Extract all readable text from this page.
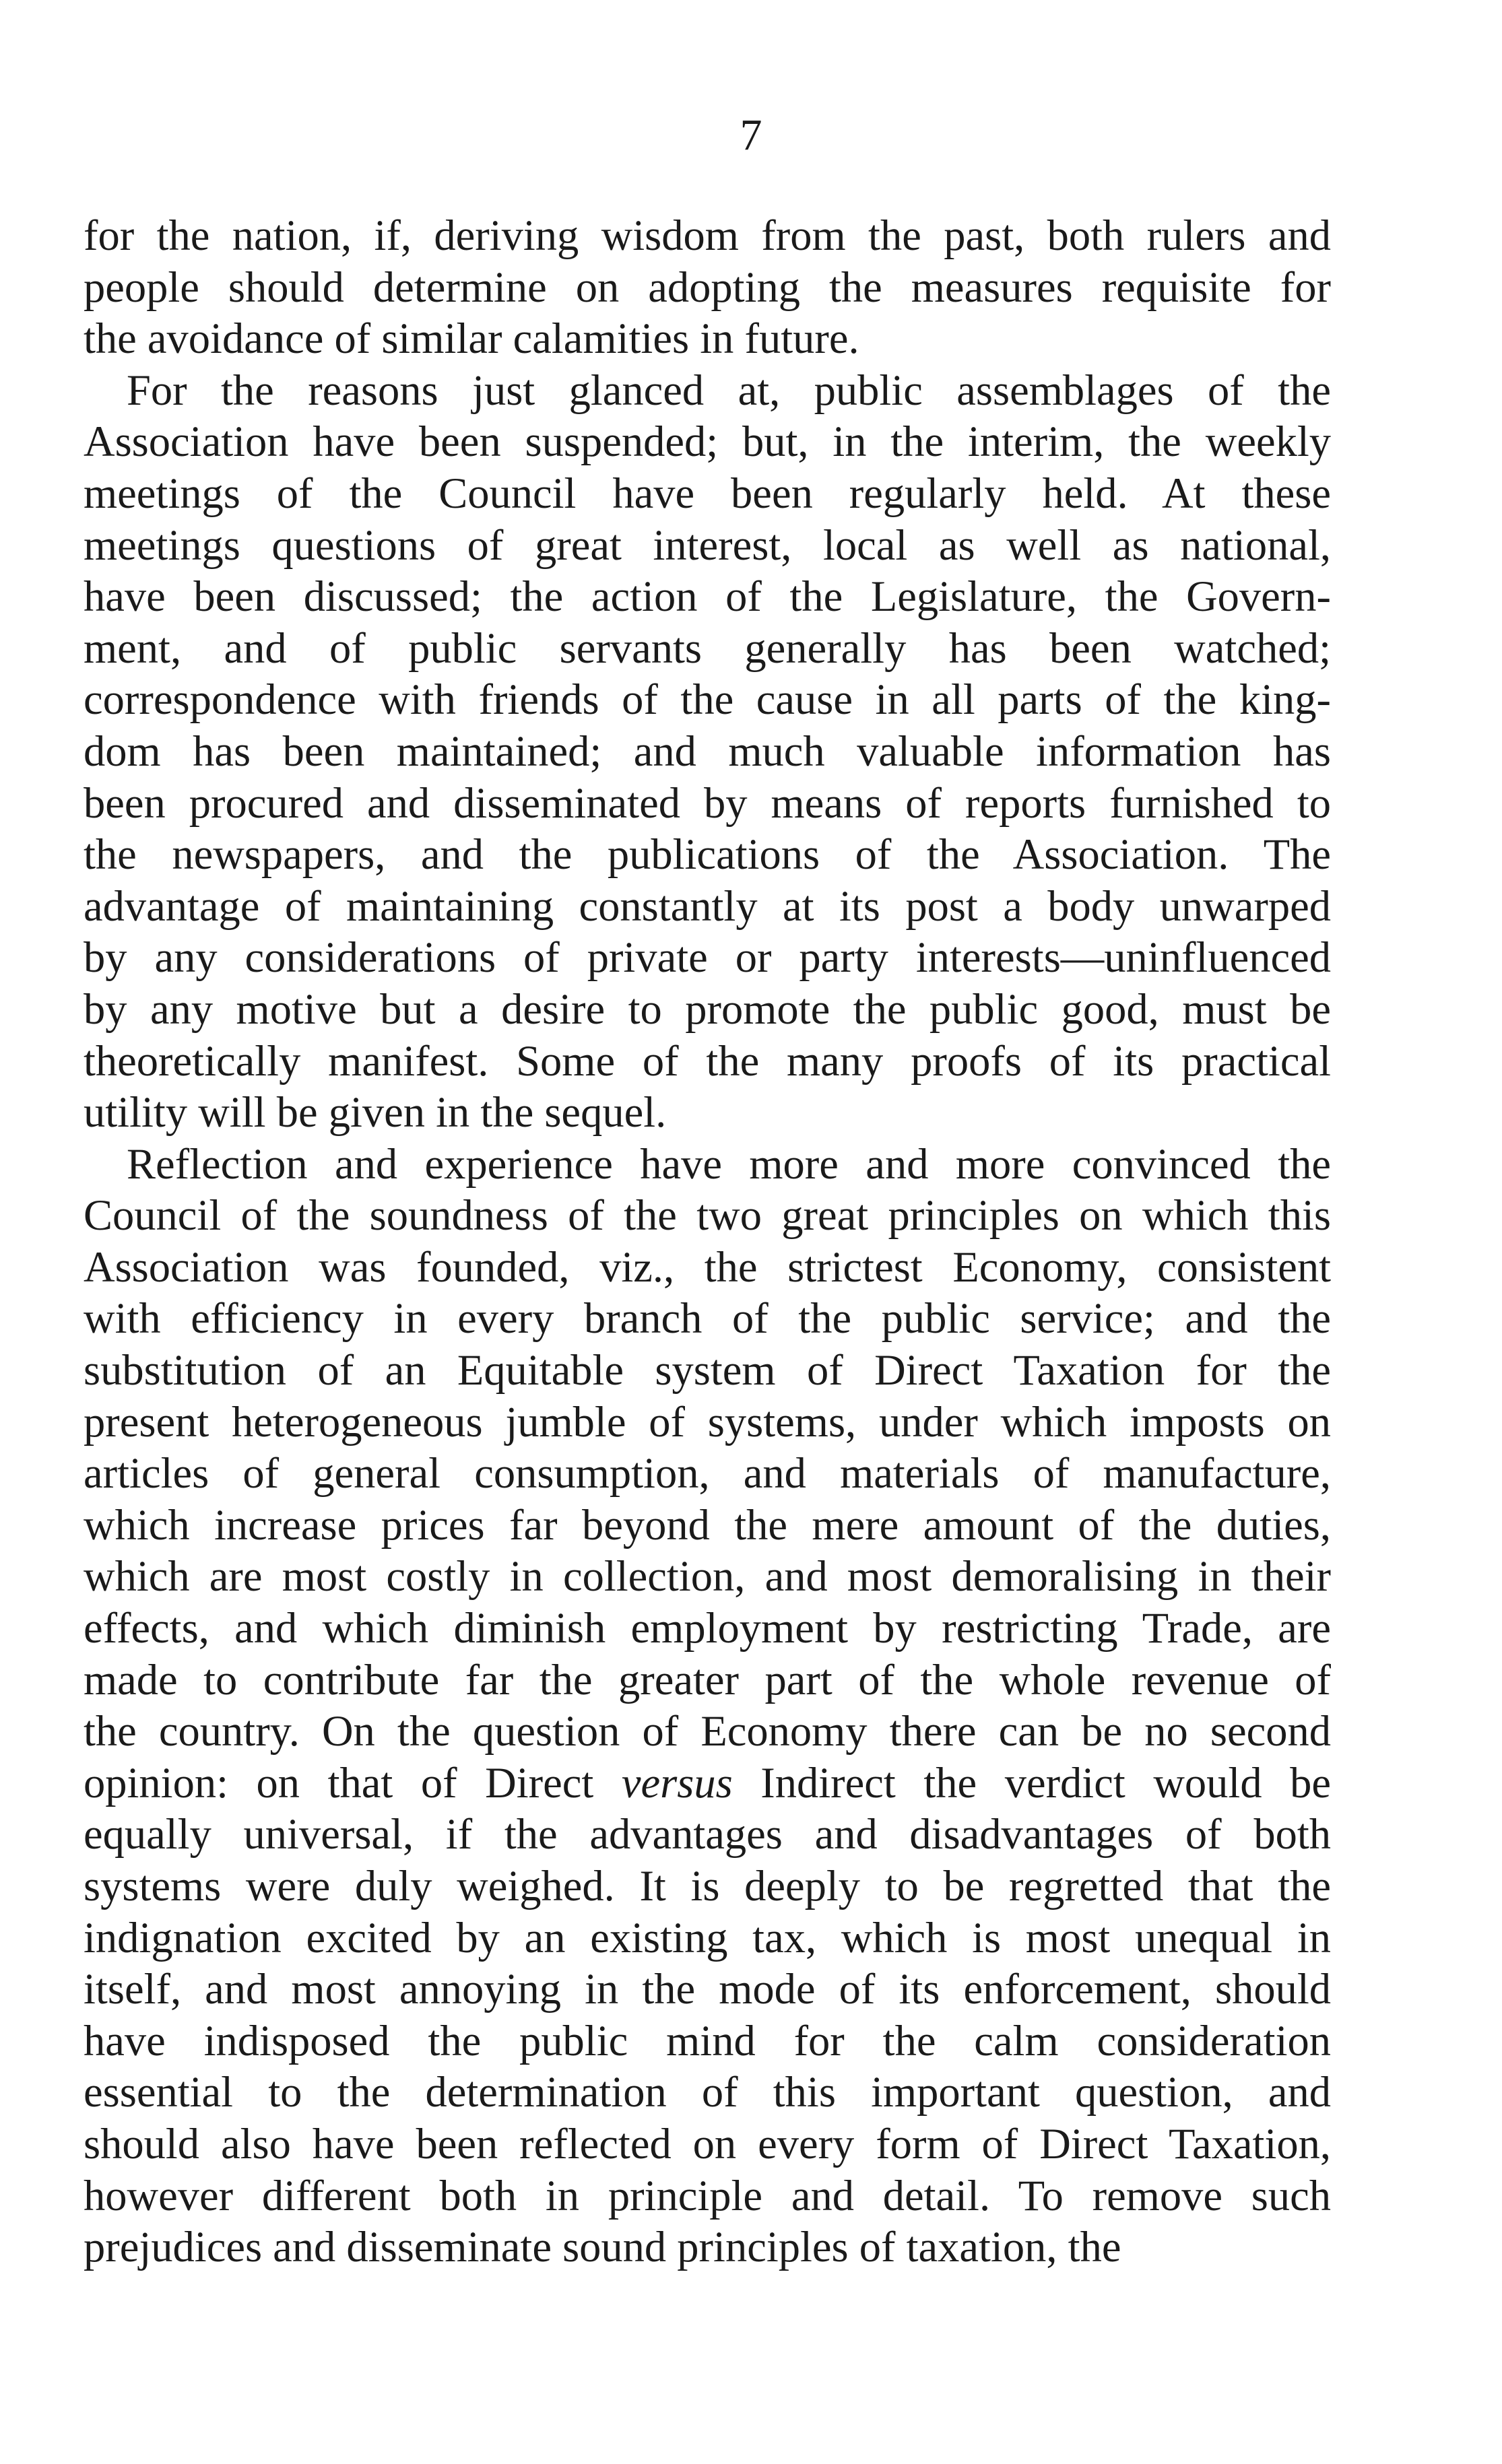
7
for the nation, if, deriving wisdom from the past, both rulers and
people should determine on adopting the measures requisite for
the avoidance of similar calamities in future.
For the reasons just glanced at, public assemblages of the
Association have been suspended; but, in the interim, the weekly
meetings of the Council have been regularly held. At these
meetings questions of great interest, local as well as national,
have been discussed; the action of the Legislature, the Govern-
ment, and of public servants generally has been watched;
correspondence with friends of the cause in all parts of the king-
dom has been maintained; and much valuable information has
been procured and disseminated by means of reports furnished to
the newspapers, and the publications of the Association. The
advantage of maintaining constantly at its post a body unwarped
by any considerations of private or party interests—uninfluenced
by any motive but a desire to promote the public good, must be
theoretically manifest. Some of the many proofs of its practical
utility will be given in the sequel.
Reflection and experience have more and more convinced the
Council of the soundness of the two great principles on which this
Association was founded, viz., the strictest Economy, consistent
with efficiency in every branch of the public service; and the
substitution of an Equitable system of Direct Taxation for the
present heterogeneous jumble of systems, under which imposts on
articles of general consumption, and materials of manufacture,
which increase prices far beyond the mere amount of the duties,
which are most costly in collection, and most demoralising in their
effects, and which diminish employment by restricting Trade, are
made to contribute far the greater part of the whole revenue of
the country. On the question of Economy there can be no second
opinion: on that of Direct versus Indirect the verdict would be
equally universal, if the advantages and disadvantages of both
systems were duly weighed. It is deeply to be regretted that the
indignation excited by an existing tax, which is most unequal in
itself, and most annoying in the mode of its enforcement, should
have indisposed the public mind for the calm consideration
essential to the determination of this important question, and
should also have been reflected on every form of Direct Taxation,
however different both in principle and detail. To remove such
prejudices and disseminate sound principles of taxation, the
